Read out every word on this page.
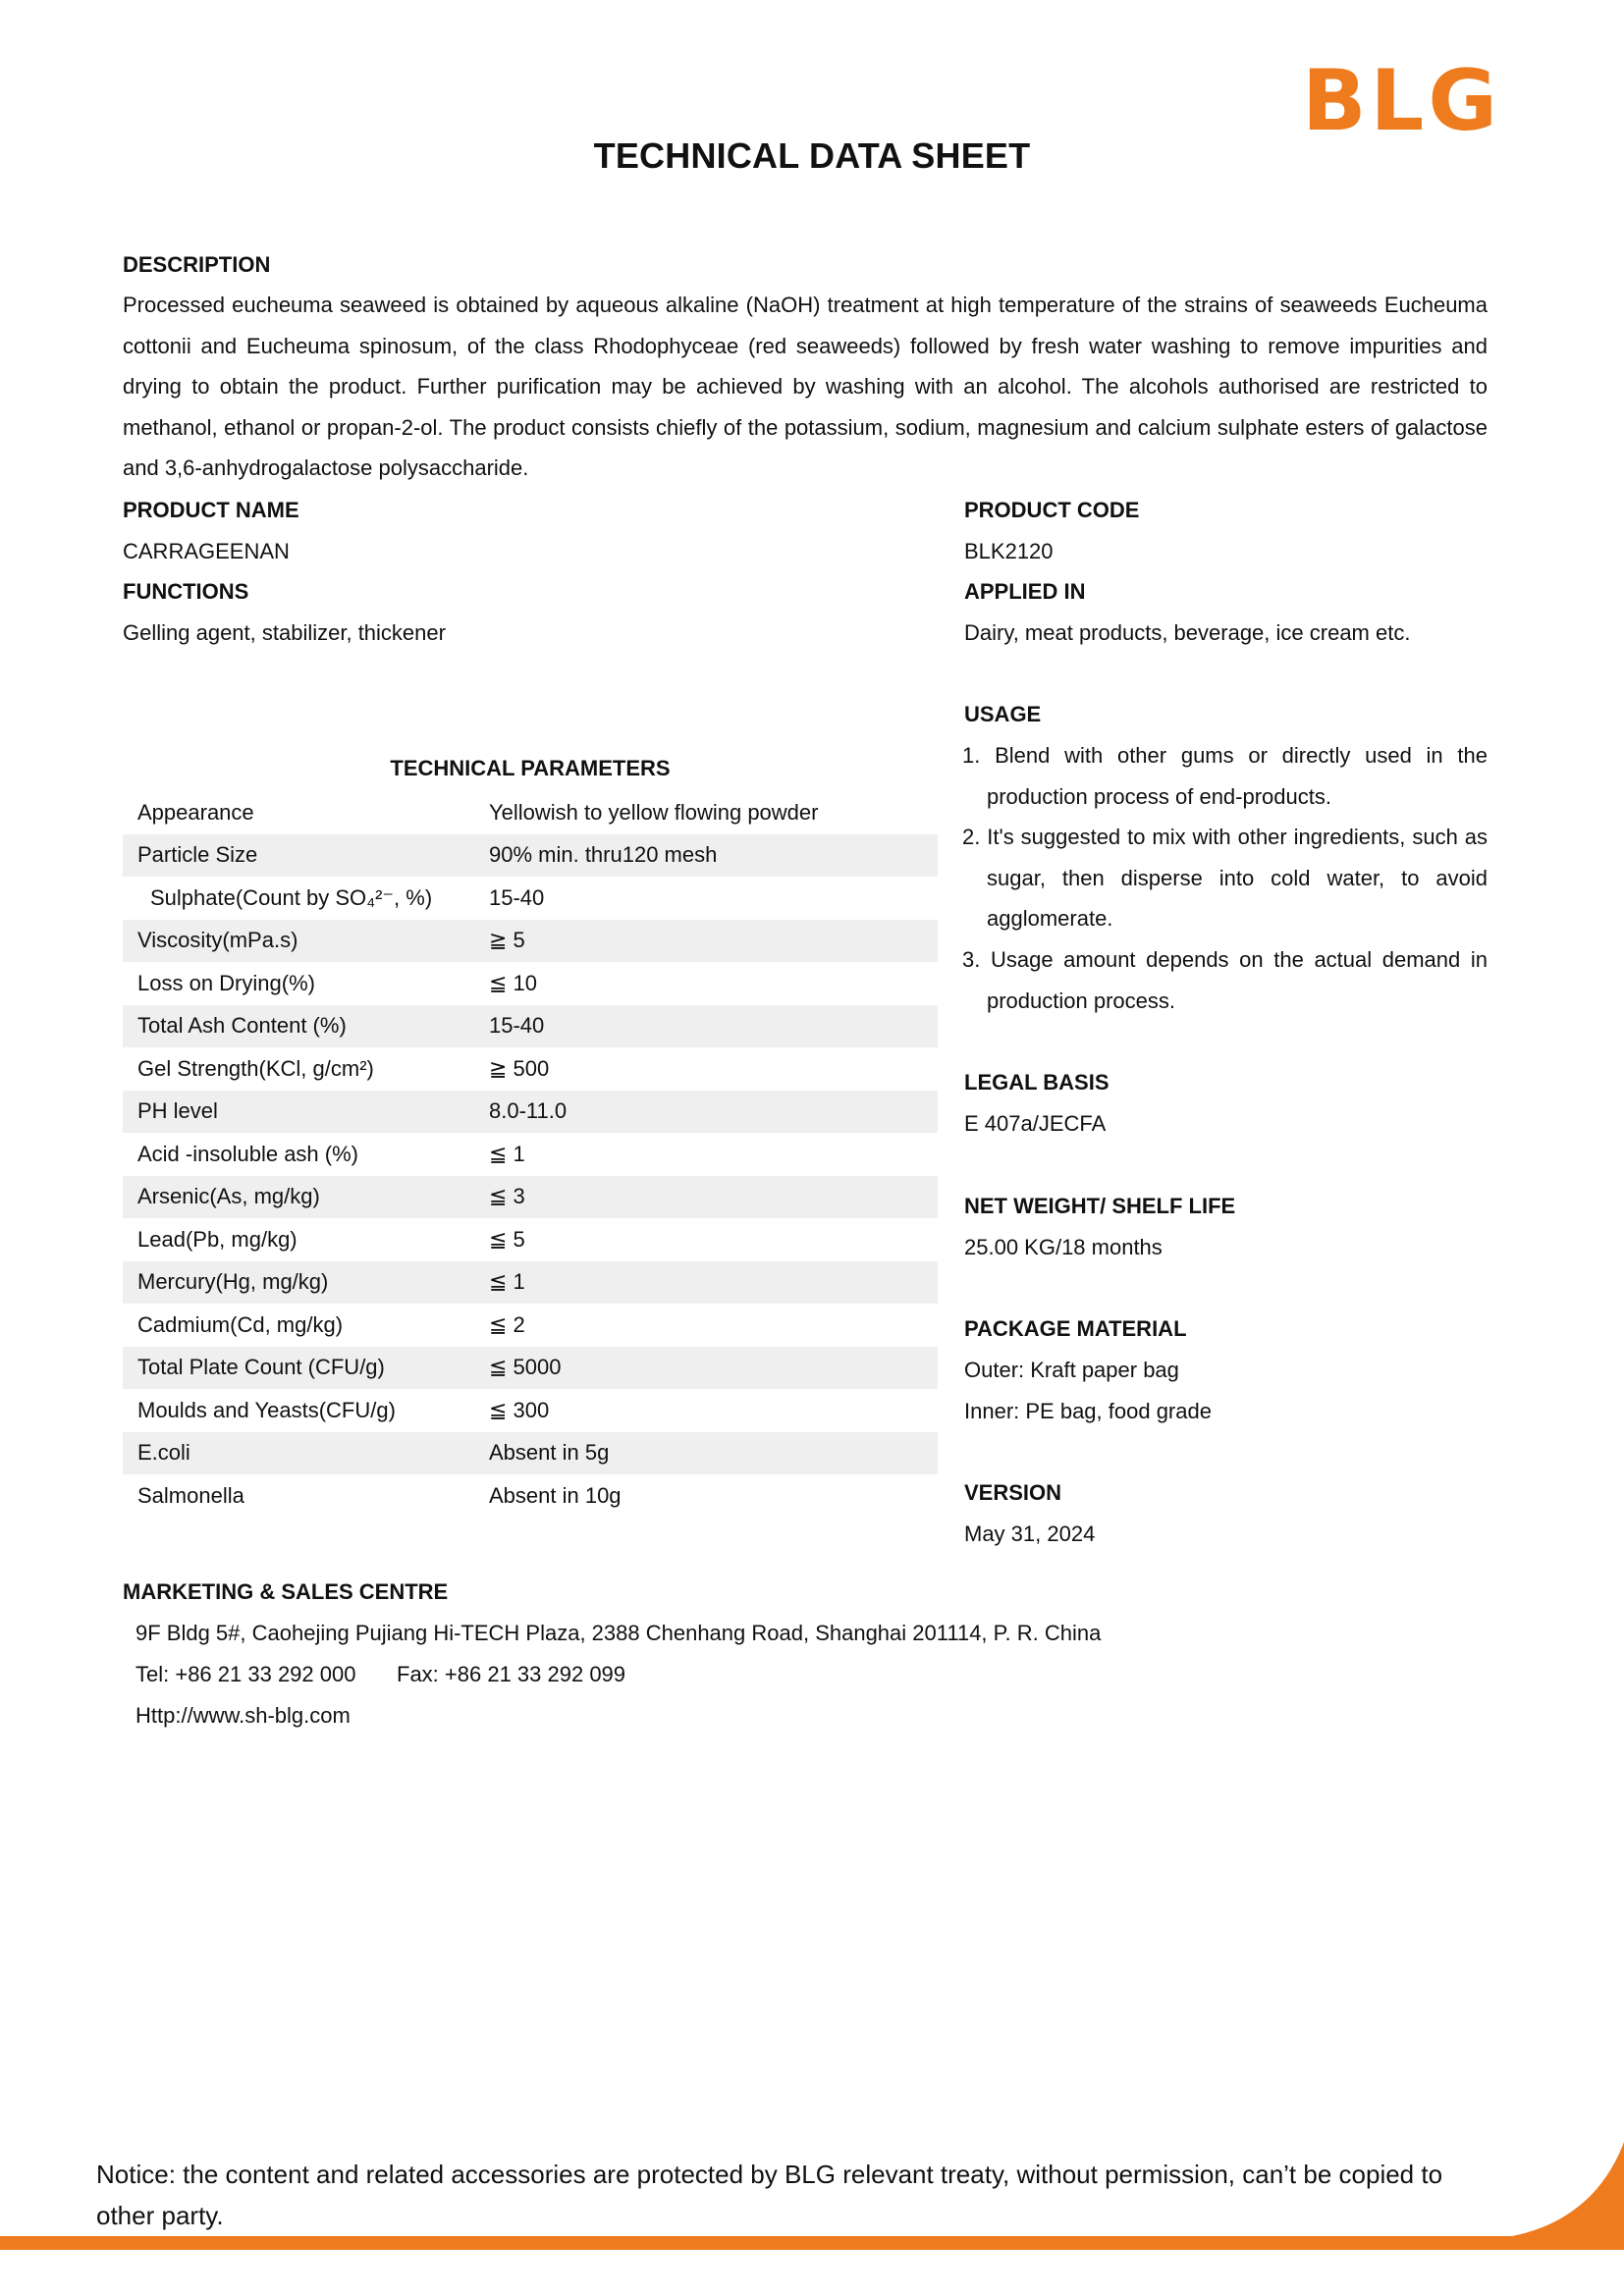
BLG
TECHNICAL DATA SHEET
DESCRIPTION

Processed eucheuma seaweed is obtained by aqueous alkaline (NaOH) treatment at high temperature of the strains of seaweeds Eucheuma cottonii and Eucheuma spinosum, of the class Rhodophyceae (red seaweeds) followed by fresh water washing to remove impurities and drying to obtain the product. Further purification may be achieved by washing with an alcohol. The alcohols authorised are restricted to methanol, ethanol or propan-2-ol. The product consists chiefly of the potassium, sodium, magnesium and calcium sulphate esters of galactose and 3,6-anhydrogalactose polysaccharide.

PRODUCT NAME
CARRAGEENAN
FUNCTIONS
Gelling agent, stabilizer, thickener
PRODUCT CODE
BLK2120
APPLIED IN
Dairy, meat products, beverage, ice cream etc.
TECHNICAL PARAMETERS
Appearance	Yellowish to yellow flowing powder
Particle Size	90% min. thru120 mesh
Sulphate(Count by SO₄²⁻, %)	15-40
Viscosity(mPa.s)	≧ 5
Loss on Drying(%)	≦ 10
Total Ash Content (%)	15-40
Gel Strength(KCl, g/cm²)	≧ 500
PH level	8.0-11.0
Acid -insoluble ash (%)	≦ 1
Arsenic(As, mg/kg)	≦ 3
Lead(Pb, mg/kg)	≦ 5
Mercury(Hg, mg/kg)	≦ 1
Cadmium(Cd, mg/kg)	≦ 2
Total Plate Count (CFU/g)	≦ 5000
Moulds and Yeasts(CFU/g)	≦ 300
E.coli	Absent in 5g
Salmonella	Absent in 10g
USAGE
1. Blend with other gums or directly used in the production process of end-products.
2. It's suggested to mix with other ingredients, such as sugar, then disperse into cold water, to avoid agglomerate.
3. Usage amount depends on the actual demand in production process.
LEGAL BASIS
E 407a/JECFA
NET WEIGHT/ SHELF LIFE
25.00 KG/18 months
PACKAGE MATERIAL
Outer: Kraft paper bag
Inner: PE bag, food grade
VERSION
May 31, 2024
MARKETING & SALES CENTRE
9F Bldg 5#, Caohejing Pujiang Hi-TECH Plaza, 2388 Chenhang Road, Shanghai 201114, P. R. China
Tel: +86 21 33 292 000 Fax: +86 21 33 292 099
Http://www.sh-blg.com

Notice: the content and related accessories are protected by BLG relevant treaty, without permission, can’t be copied to other party.
